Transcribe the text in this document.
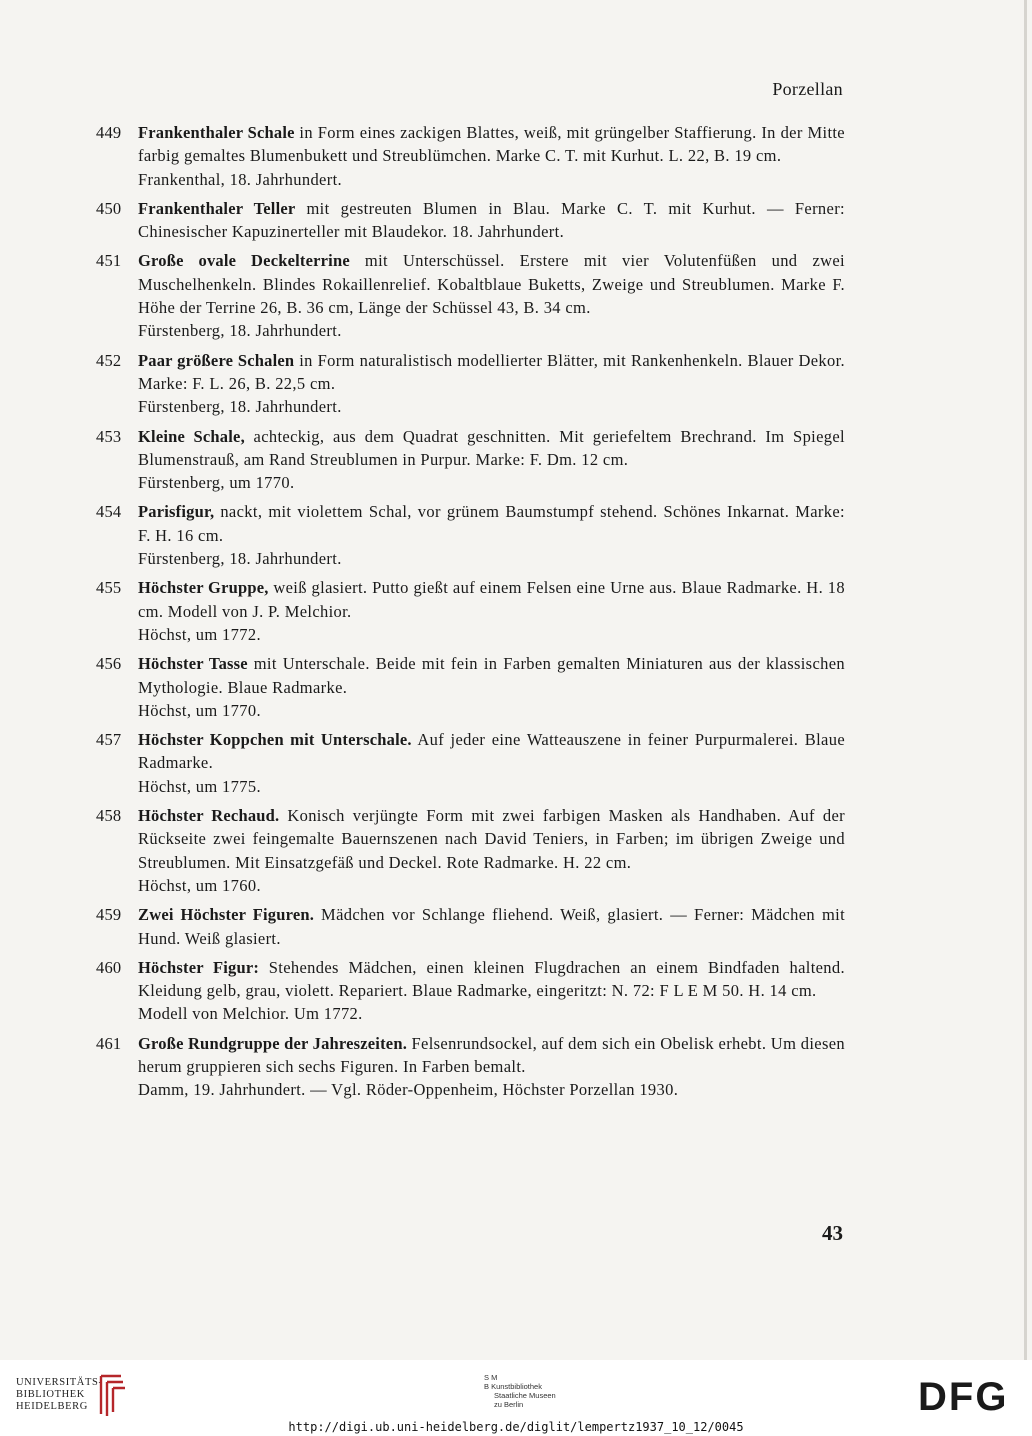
Porzellan
449	Frankenthaler Schale in Form eines zackigen Blattes, weiß, mit grüngelber Staffierung. In der Mitte farbig gemaltes Blumenbukett und Streublümchen. Marke C. T. mit Kurhut. L. 22, B. 19 cm.
Frankenthal, 18. Jahrhundert.
450	Frankenthaler Teller mit gestreuten Blumen in Blau. Marke C. T. mit Kurhut. — Ferner: Chinesischer Kapuzinerteller mit Blaudekor. 18. Jahrhundert.
451	Große ovale Deckelterrine mit Unterschüssel. Erstere mit vier Volutenfüßen und zwei Muschelhenkeln. Blindes Rokaillenrelief. Kobaltblaue Buketts, Zweige und Streublumen. Marke F. Höhe der Terrine 26, B. 36 cm, Länge der Schüssel 43, B. 34 cm.
Fürstenberg, 18. Jahrhundert.
452	Paar größere Schalen in Form naturalistisch modellierter Blätter, mit Rankenhenkeln. Blauer Dekor. Marke: F. L. 26, B. 22,5 cm.
Fürstenberg, 18. Jahrhundert.
453	Kleine Schale, achteckig, aus dem Quadrat geschnitten. Mit geriefeltem Brechrand. Im Spiegel Blumenstrauß, am Rand Streublumen in Purpur. Marke: F. Dm. 12 cm.
Fürstenberg, um 1770.
454	Parisfigur, nackt, mit violettem Schal, vor grünem Baumstumpf stehend. Schönes Inkarnat. Marke: F. H. 16 cm.
Fürstenberg, 18. Jahrhundert.
455	Höchster Gruppe, weiß glasiert. Putto gießt auf einem Felsen eine Urne aus. Blaue Radmarke. H. 18 cm. Modell von J. P. Melchior.
Höchst, um 1772.
456	Höchster Tasse mit Unterschale. Beide mit fein in Farben gemalten Miniaturen aus der klassischen Mythologie. Blaue Radmarke.
Höchst, um 1770.
457	Höchster Koppchen mit Unterschale. Auf jeder eine Watteauszene in feiner Purpurmalerei. Blaue Radmarke.
Höchst, um 1775.
458	Höchster Rechaud. Konisch verjüngte Form mit zwei farbigen Masken als Handhaben. Auf der Rückseite zwei feingemalte Bauernszenen nach David Teniers, in Farben; im übrigen Zweige und Streublumen. Mit Einsatzgefäß und Deckel. Rote Radmarke. H. 22 cm.
Höchst, um 1760.
459	Zwei Höchster Figuren. Mädchen vor Schlange fliehend. Weiß, glasiert. — Ferner: Mädchen mit Hund. Weiß glasiert.
460	Höchster Figur: Stehendes Mädchen, einen kleinen Flugdrachen an einem Bindfaden haltend. Kleidung gelb, grau, violett. Repariert. Blaue Radmarke, eingeritzt: N. 72: F L E M 50. H. 14 cm.
Modell von Melchior. Um 1772.
461	Große Rundgruppe der Jahreszeiten. Felsenrundsockel, auf dem sich ein Obelisk erhebt. Um diesen herum gruppieren sich sechs Figuren. In Farben bemalt.
Damm, 19. Jahrhundert. — Vgl. Röder-Oppenheim, Höchster Porzellan 1930.
43
UNIVERSITÄTS-
BIBLIOTHEK
HEIDELBERG
S M
B Kunstbibliothek
Staatliche Museen
zu Berlin
http://digi.ub.uni-heidelberg.de/diglit/lempertz1937_10_12/0045
DFG
